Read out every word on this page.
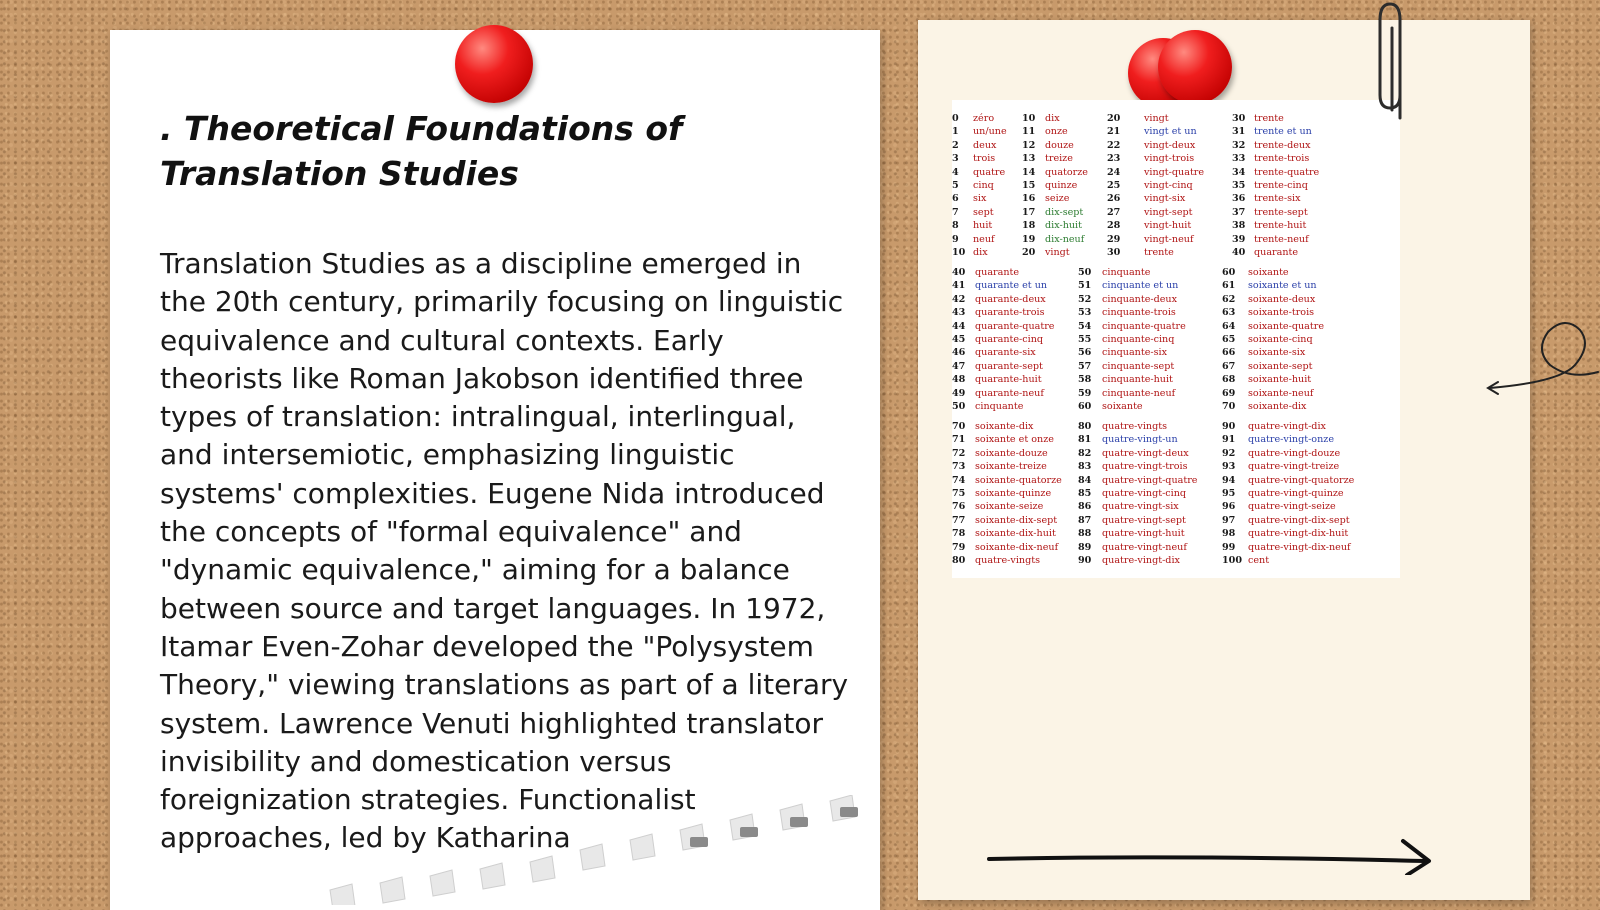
. Theoretical Foundations of Translation Studies

Translation Studies as a discipline emerged in the 20th century, primarily focusing on linguistic equivalence and cultural contexts. Early theorists like Roman Jakobson identified three types of translation: intralingual, interlingual, and intersemiotic, emphasizing linguistic systems' complexities. Eugene Nida introduced the concepts of "formal equivalence" and "dynamic equivalence," aiming for a balance between source and target languages. In 1972, Itamar Even-Zohar developed the "Polysystem Theory," viewing translations as part of a literary system. Lawrence Venuti highlighted translator invisibility and domestication versus foreignization strategies. Functionalist approaches, led by Katharina

0 zéro	10 dix	20 vingt	30 trente
1 un/une 11 onze	21 vingt et un	31 trente et un
2 deux	12 douze	22 vingt-deux	32 trente-deux
3 trois	13 treize	23 vingt-trois	33 trente-trois
4 quatre 14 quatorze 24 vingt-quatre	34 trente-quatre
5 cinq	15 quinze	25 vingt-cinq	35 trente-cinq
6 six	16 seize	26 vingt-six	36 trente-six
7 sept	17 dix-sept 27 vingt-sept	37 trente-sept
8 huit	18 dix-huit	28 vingt-huit	38 trente-huit
9 neuf	19 dix-neuf 29 vingt-neuf	39 trente-neuf
10 dix	20 vingt	30 trente	40 quarante
40 quarante	50 cinquante	60 soixante
41 quarante et un	51 cinquante et un	61 soixante et un
42 quarante-deux	52 cinquante-deux	62 soixante-deux
43 quarante-trois	53 cinquante-trois	63 soixante-trois
44 quarante-quatre 54 cinquante-quatre	64 soixante-quatre
45 quarante-cinq	55 cinquante-cinq	65 soixante-cinq
46 quarante-six	56 cinquante-six	66 soixante-six
47 quarante-sept	57 cinquante-sept	67 soixante-sept
48 quarante-huit	58 cinquante-huit	68 soixante-huit
49 quarante-neuf	59 cinquante-neuf	69 soixante-neuf
50 cinquante	60 soixante	70 soixante-dix
70 soixante-dix	80 quatre-vingts	90 quatre-vingt-dix
71 soixante et onze	81 quatre-vingt-un	91 quatre-vingt-onze
72 soixante-douze	82 quatre-vingt-deux	92 quatre-vingt-douze
73 soixante-treize	83 quatre-vingt-trois	93 quatre-vingt-treize
74 soixante-quatorze 84 quatre-vingt-quatre	94 quatre-vingt-quatorze
75 soixante-quinze	85 quatre-vingt-cinq	95 quatre-vingt-quinze
76 soixante-seize	86 quatre-vingt-six	96 quatre-vingt-seize
77 soixante-dix-sept 87 quatre-vingt-sept	97 quatre-vingt-dix-sept
78 soixante-dix-huit 88 quatre-vingt-huit	98 quatre-vingt-dix-huit
79 soixante-dix-neuf 89 quatre-vingt-neuf	99 quatre-vingt-dix-neuf
80 quatre-vingts	90 quatre-vingt-dix	100 cent
